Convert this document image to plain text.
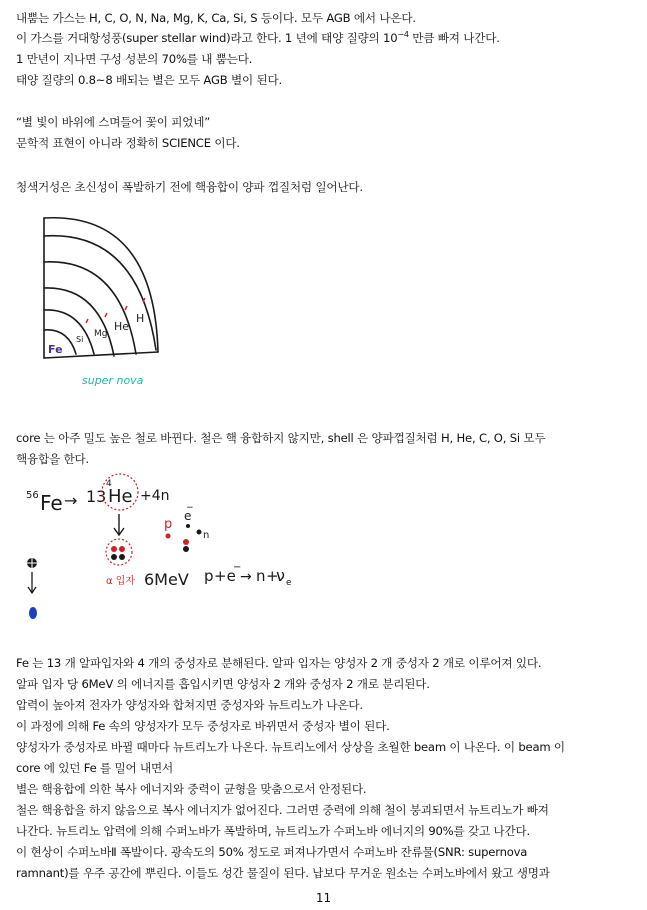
내뿜는 가스는 H, C, O, N, Na, Mg, K, Ca, Si, S 등이다. 모두 AGB 에서 나온다.
이 가스를 거대항성풍(super stellar wind)라고 한다. 1 년에 태양 질량의 $10^{-4}$ 만큼 빠져 나간다.
1 만년이 지나면 구성 성분의 70%를 내 뿜는다.
태양 질량의 0.8~8 배되는 별은 모두 AGB 별이 된다.
“별 빛이 바위에 스며들어 꽃이 피었네”
문학적 표현이 아니라 정확히 SCIENCE 이다.
청색거성은 초신성이 폭발하기 전에 핵융합이 양파 껍질처럼 일어난다.
Fe
Si
Mg
He
H
super nova
core 는 아주 밀도 높은 철로 바뀐다. 철은 핵 융합하지 않지만, shell 은 양파껍질처럼 H, He, C, O, Si 모두
핵융합을 한다.
56 Fe → 13
4
He +4n
α 입자 6MeV p +e
−
→ n +
ν e
p
e
−
n
Fe 는 13 개 알파입자와 4 개의 중성자로 분해된다. 알파 입자는 양성자 2 개 중성자 2 개로 이루어져 있다.
알파 입자 당 6MeV 의 에너지를 흡입시키면 양성자 2 개와 중성자 2 개로 분리된다.
압력이 높아져 전자가 양성자와 합쳐지면 중성자와 뉴트리노가 나온다.
이 과정에 의해 Fe 속의 양성자가 모두 중성자로 바뀌면서 중성자 별이 된다.
양성자가 중성자로 바뀔 때마다 뉴트리노가 나온다. 뉴트리노에서 상상을 초월한 beam 이 나온다. 이 beam 이
core 에 있던 Fe 를 밀어 내면서
별은 핵융합에 의한 복사 에너지와 중력이 균형을 맞춤으로서 안정된다.
철은 핵융합을 하지 않음으로 복사 에너지가 없어진다. 그러면 중력에 의해 철이 붕괴되면서 뉴트리노가 빠져
나간다. 뉴트리노 압력에 의해 수퍼노바가 폭발하며, 뉴트리노가 수퍼노바 에너지의 90%를 갖고 나간다.
이 현상이 수퍼노바Ⅱ 폭발이다. 광속도의 50% 정도로 퍼져나가면서 수퍼노바 잔류물(SNR: supernova
ramnant)를 우주 공간에 뿌린다. 이들도 성간 물질이 된다. 납보다 무거운 원소는 수퍼노바에서 왔고 생명과
11
